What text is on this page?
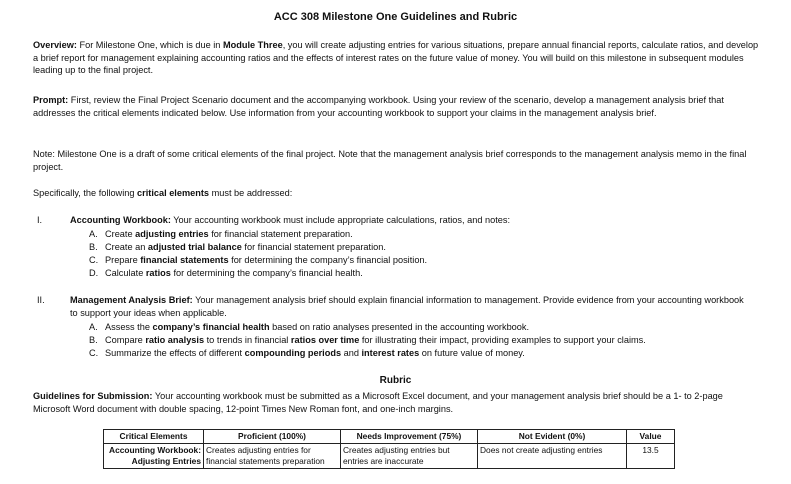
ACC 308 Milestone One Guidelines and Rubric
Overview: For Milestone One, which is due in Module Three, you will create adjusting entries for various situations, prepare annual financial reports, calculate ratios, and develop a brief report for management explaining accounting ratios and the effects of interest rates on the future value of money. You will build on this milestone in subsequent modules leading up to the final project.
Prompt: First, review the Final Project Scenario document and the accompanying workbook. Using your review of the scenario, develop a management analysis brief that addresses the critical elements indicated below. Use information from your accounting workbook to support your claims in the management analysis brief.
Note: Milestone One is a draft of some critical elements of the final project. Note that the management analysis brief corresponds to the management analysis memo in the final project.
Specifically, the following critical elements must be addressed:
I.	Accounting Workbook: Your accounting workbook must include appropriate calculations, ratios, and notes:
A. Create adjusting entries for financial statement preparation.
B. Create an adjusted trial balance for financial statement preparation.
C. Prepare financial statements for determining the company’s financial position.
D. Calculate ratios for determining the company’s financial health.
II.	Management Analysis Brief: Your management analysis brief should explain financial information to management. Provide evidence from your accounting workbook to support your ideas when applicable.
A. Assess the company’s financial health based on ratio analyses presented in the accounting workbook.
B. Compare ratio analysis to trends in financial ratios over time for illustrating their impact, providing examples to support your claims.
C. Summarize the effects of different compounding periods and interest rates on future value of money.
Rubric
Guidelines for Submission: Your accounting workbook must be submitted as a Microsoft Excel document, and your management analysis brief should be a 1- to 2-page Microsoft Word document with double spacing, 12-point Times New Roman font, and one-inch margins.
Critical Elements	Proficient (100%)	Needs Improvement (75%)	Not Evident (0%)	Value
Accounting Workbook:
Adjusting Entries	Creates adjusting entries for financial statements preparation	Creates adjusting entries but entries are inaccurate	Does not create adjusting entries	13.5
